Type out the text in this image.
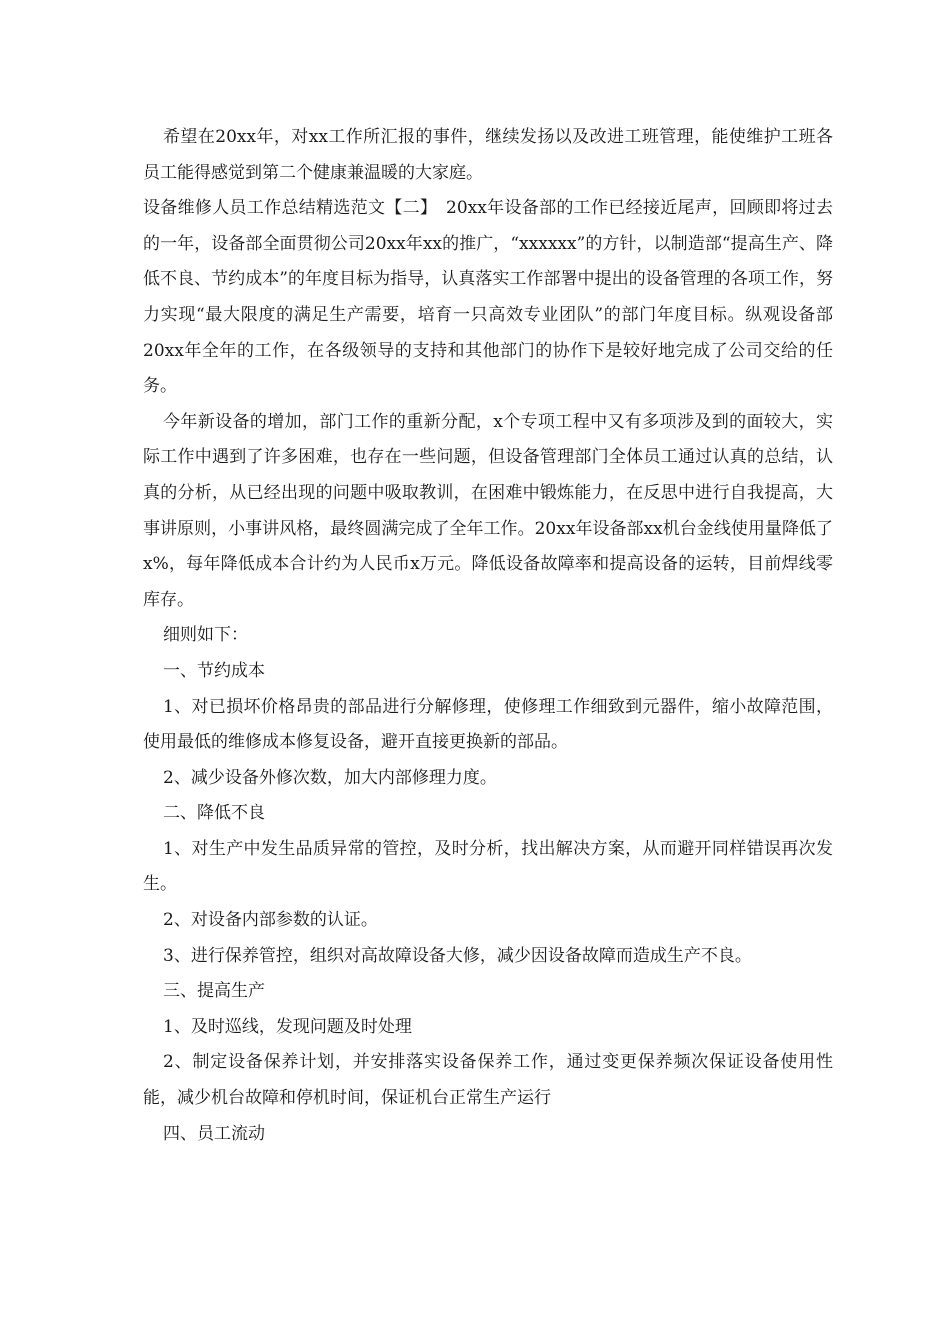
希望在20xx年，对xx工作所汇报的事件，继续发扬以及改进工班管理，能使维护工班各员工能得感觉到第二个健康兼温暖的大家庭。

设备维修人员工作总结精选范文【二】　20xx年设备部的工作已经接近尾声，回顾即将过去的一年，设备部全面贯彻公司20xx年xx的推广，“xxxxxx”的方针，以制造部“提高生产、降低不良、节约成本”的年度目标为指导，认真落实工作部署中提出的设备管理的各项工作，努力实现“最大限度的满足生产需要，培育一只高效专业团队”的部门年度目标。纵观设备部20xx年全年的工作，在各级领导的支持和其他部门的协作下是较好地完成了公司交给的任务。

今年新设备的增加，部门工作的重新分配，x个专项工程中又有多项涉及到的面较大，实际工作中遇到了许多困难，也存在一些问题，但设备管理部门全体员工通过认真的总结，认真的分析，从已经出现的问题中吸取教训，在困难中锻炼能力，在反思中进行自我提高，大事讲原则，小事讲风格，最终圆满完成了全年工作。20xx年设备部xx机台金线使用量降低了x%，每年降低成本合计约为人民币x万元。降低设备故障率和提高设备的运转，目前焊线零库存。

细则如下：

一、节约成本

1、对已损坏价格昂贵的部品进行分解修理，使修理工作细致到元器件，缩小故障范围，使用最低的维修成本修复设备，避开直接更换新的部品。

2、减少设备外修次数，加大内部修理力度。

二、降低不良

1、对生产中发生品质异常的管控，及时分析，找出解决方案，从而避开同样错误再次发生。

2、对设备内部参数的认证。

3、进行保养管控，组织对高故障设备大修，减少因设备故障而造成生产不良。

三、提高生产

1、及时巡线，发现问题及时处理

2、制定设备保养计划，并安排落实设备保养工作，通过变更保养频次保证设备使用性能，减少机台故障和停机时间，保证机台正常生产运行

四、员工流动
